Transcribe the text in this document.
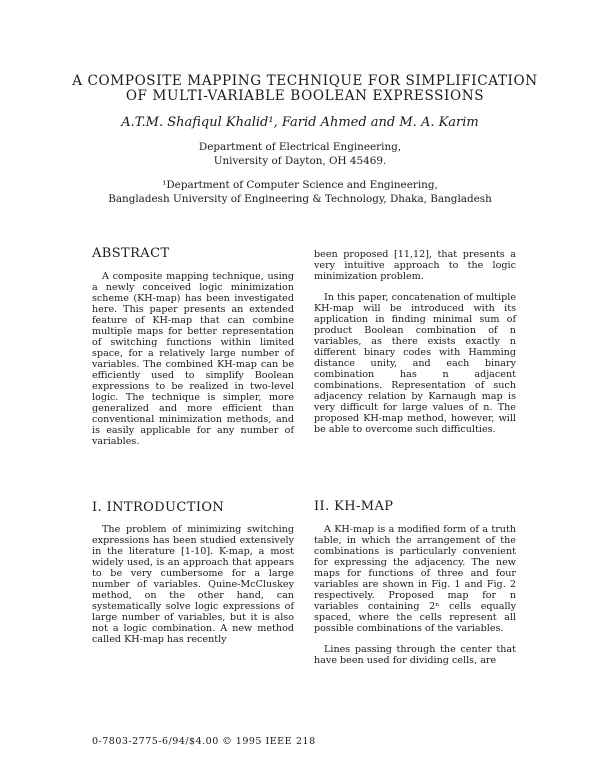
A COMPOSITE MAPPING TECHNIQUE FOR SIMPLIFICATION OF MULTI-VARIABLE BOOLEAN EXPRESSIONS
A.T.M. Shafiqul Khalid¹, Farid Ahmed and M. A. Karim
Department of Electrical Engineering,
University of Dayton, OH 45469.
¹Department of Computer Science and Engineering,
Bangladesh University of Engineering & Technology, Dhaka, Bangladesh
ABSTRACT

A composite mapping technique, using a newly conceived logic minimization scheme (KH-map) has been investigated here. This paper presents an extended feature of KH-map that can combine multiple maps for better representation of switching functions within limited space, for a relatively large number of variables. The combined KH-map can be efficiently used to simplify Boolean expressions to be realized in two-level logic. The technique is simpler, more generalized and more efficient than conventional minimization methods, and is easily applicable for any number of variables.

I. INTRODUCTION

The problem of minimizing switching expressions has been studied extensively in the literature [1-10]. K-map, a most widely used, is an approach that appears to be very cumbersome for a large number of variables. Quine-McCluskey method, on the other hand, can systematically solve logic expressions of large number of variables, but it is also not a logic combination. A new method called KH-map has recently

been proposed [11,12], that presents a very intuitive approach to the logic minimization problem.

In this paper, concatenation of multiple KH-map will be introduced with its application in finding minimal sum of product Boolean combination of n variables, as there exists exactly n different binary codes with Hamming distance unity, and each binary combination has n adjacent combinations. Representation of such adjacency relation by Karnaugh map is very difficult for large values of n. The proposed KH-map method, however, will be able to overcome such difficulties.

II. KH-MAP

A KH-map is a modified form of a truth table, in which the arrangement of the combinations is particularly convenient for expressing the adjacency. The new maps for functions of three and four variables are shown in Fig. 1 and Fig. 2 respectively. Proposed map for n variables containing 2ⁿ cells equally spaced, where the cells represent all possible combinations of the variables.

Lines passing through the center that have been used for dividing cells, are

0-7803-2775-6/94/$4.00 © 1995 IEEE 218
